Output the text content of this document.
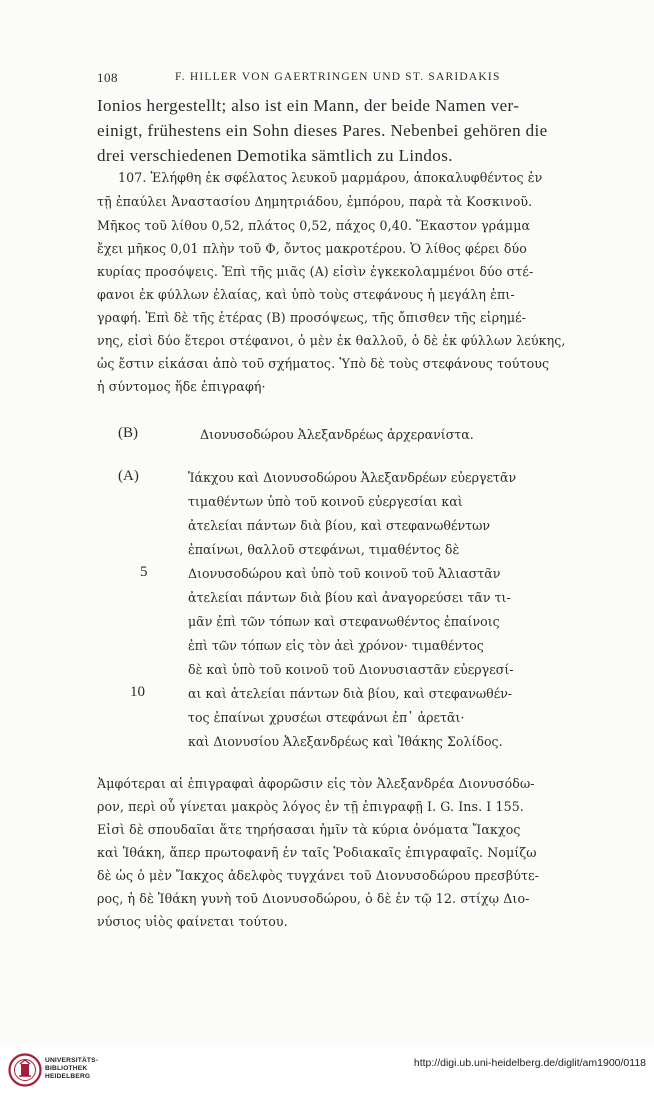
108	F. HILLER VON GAERTRINGEN UND ST. SARIDAKIS
Ionios hergestellt; also ist ein Mann, der beide Namen ver-
einigt, frühestens ein Sohn dieses Pares. Nebenbei gehören die
drei verschiedenen Demotika sämtlich zu Lindos.
107. Ἐλήφθη ἐκ σφέλατος λευκοῦ μαρμάρου, ἀποκαλυφθέντος ἐν
τῇ ἐπαύλει Ἀναστασίου Δημητριάδου, ἐμπόρου, παρὰ τὰ Κοσκινοῦ.
Μῆκος τοῦ λίθου 0,52, πλάτος 0,52, πάχος 0,40. Ἕκαστον γράμμα
ἔχει μῆκος 0,01 πλὴν τοῦ Φ, ὄντος μακροτέρου. Ὁ λίθος φέρει δύο
κυρίας προσόψεις. Ἐπὶ τῆς μιᾶς (Α) εἰσὶν ἐγκεκολαμμένοι δύο στέ-
φανοι ἐκ φύλλων ἐλαίας, καὶ ὑπὸ τοὺς στεφάνους ἡ μεγάλη ἐπι-
γραφή. Ἐπὶ δὲ τῆς ἑτέρας (Β) προσόψεως, τῆς ὄπισθεν τῆς εἰρημέ-
νης, εἰσὶ δύο ἕτεροι στέφανοι, ὁ μὲν ἐκ θαλλοῦ, ὁ δὲ ἐκ φύλλων λεύκης,
ὡς ἔστιν εἰκάσαι ἀπὸ τοῦ σχήματος. Ὑπὸ δὲ τοὺς στεφάνους τούτους
ἡ σύντομος ἥδε ἐπιγραφή·
(B)	Διονυσοδώρου Ἀλεξανδρέως ἀρχερανίστα.
(A)	Ἰάκχου καὶ Διονυσοδώρου Ἀλεξανδρέων εὐεργετᾶν
τιμαθέντων ὑπὸ τοῦ κοινοῦ εὐεργεσίαι καὶ
ἀτελείαι πάντων διὰ βίου, καὶ στεφανωθέντων
ἐπαίνωι, θαλλοῦ στεφάνωι, τιμαθέντος δὲ
5	Διονυσοδώρου καὶ ὑπὸ τοῦ κοινοῦ τοῦ Ἁλιαστᾶν
ἀτελείαι πάντων διὰ βίου καὶ ἀναγορεύσει τᾶν τι-
μᾶν ἐπὶ τῶν τόπων καὶ στεφανωθέντος ἐπαίνοις
ἐπὶ τῶν τόπων εἰς τὸν ἀεὶ χρόνον· τιμαθέντος
δὲ καὶ ὑπὸ τοῦ κοινοῦ τοῦ Διονυσιαστᾶν εὐεργεσί-
10	αι καὶ ἀτελείαι πάντων διὰ βίου, καὶ στεφανωθέν-
τος ἐπαίνωι χρυσέωι στεφάνωι ἐπ᾽ ἀρετᾶι·
καὶ Διονυσίου Ἀλεξανδρέως καὶ Ἰθάκης Σολίδος.
Ἀμφότεραι αἱ ἐπιγραφαὶ ἀφορῶσιν εἰς τὸν Ἀλεξανδρέα Διονυσόδω-
ρον, περὶ οὗ γίνεται μακρὸς λόγος ἐν τῇ ἐπιγραφῇ I. G. Ins. I 155.
Εἰσὶ δὲ σπουδαῖαι ἅτε τηρήσασαι ἡμῖν τὰ κύρια ὀνόματα Ἴακχος
καὶ Ἰθάκη, ἅπερ πρωτοφανῆ ἐν ταῖς Ῥοδιακαῖς ἐπιγραφαῖς. Νομίζω
δὲ ὡς ὁ μὲν Ἴακχος ἀδελφὸς τυγχάνει τοῦ Διονυσοδώρου πρεσβύτε-
ρος, ἡ δὲ Ἰθάκη γυνὴ τοῦ Διονυσοδώρου, ὁ δὲ ἐν τῷ 12. στίχῳ Διο-
νύσιος υἱὸς φαίνεται τούτου.
UNIVERSITÄTS-
BIBLIOTHEK
HEIDELBERG
http://digi.ub.uni-heidelberg.de/diglit/am1900/0118
